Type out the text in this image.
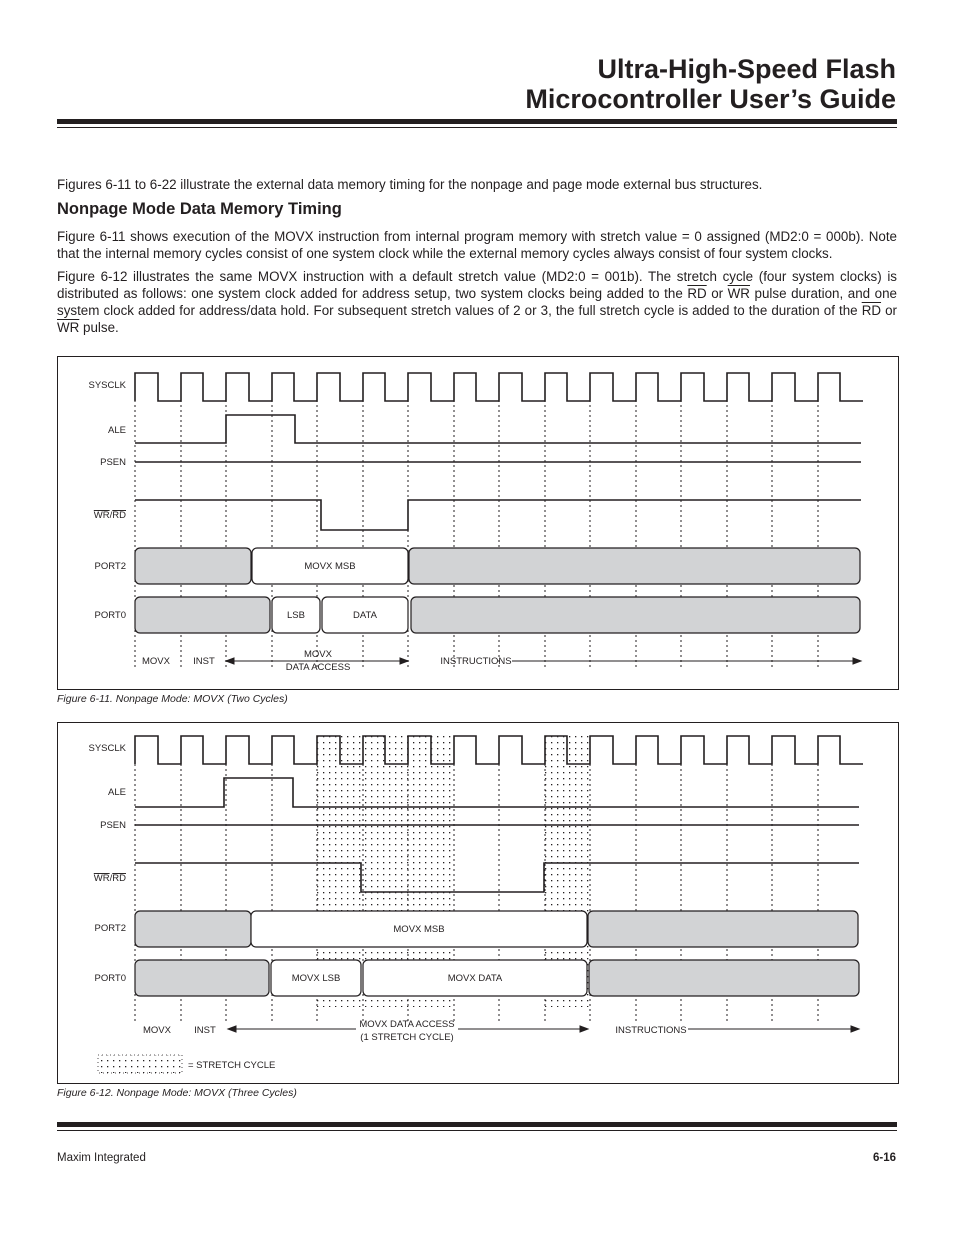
Ultra-High-Speed Flash
Microcontroller User’s Guide
Figures 6-11 to 6-22 illustrate the external data memory timing for the nonpage and page mode external bus structures.
Nonpage Mode Data Memory Timing
Figure 6-11 shows execution of the MOVX instruction from internal program memory with stretch value = 0 assigned (MD2:0 = 000b). Note that the internal memory cycles consist of one system clock while the external memory cycles always consist of four system clocks.
Figure 6-12 illustrates the same MOVX instruction with a default stretch value (MD2:0 = 001b). The stretch cycle (four system clocks) is distributed as follows: one system clock added for address setup, two system clocks being added to the $\overline{RD}$ or $\overline{WR}$ pulse duration, and one system clock added for address/data hold. For subsequent stretch values of 2 or 3, the full stretch cycle is added to the duration of the $\overline{RD}$ or $\overline{WR}$ pulse.
SYSCLK
ALE
PSEN
WR/RD
PORT2
PORT0
MOVX MSB
LSB	DATA
MOVX INST
MOVX
DATA ACCESS
INSTRUCTIONS
Figure 6-11. Nonpage Mode: MOVX (Two Cycles)
= STRETCH CYCLE
SYSCLK
ALE
PSEN
WR/RD
PORT2
PORT0
MOVX MSB
MOVX LSB	MOVX DATA
MOVX INST
MOVX DATA ACCESS
(1 STRETCH CYCLE)
INSTRUCTIONS
Figure 6-12. Nonpage Mode: MOVX (Three Cycles)
Maxim Integrated	6-16
